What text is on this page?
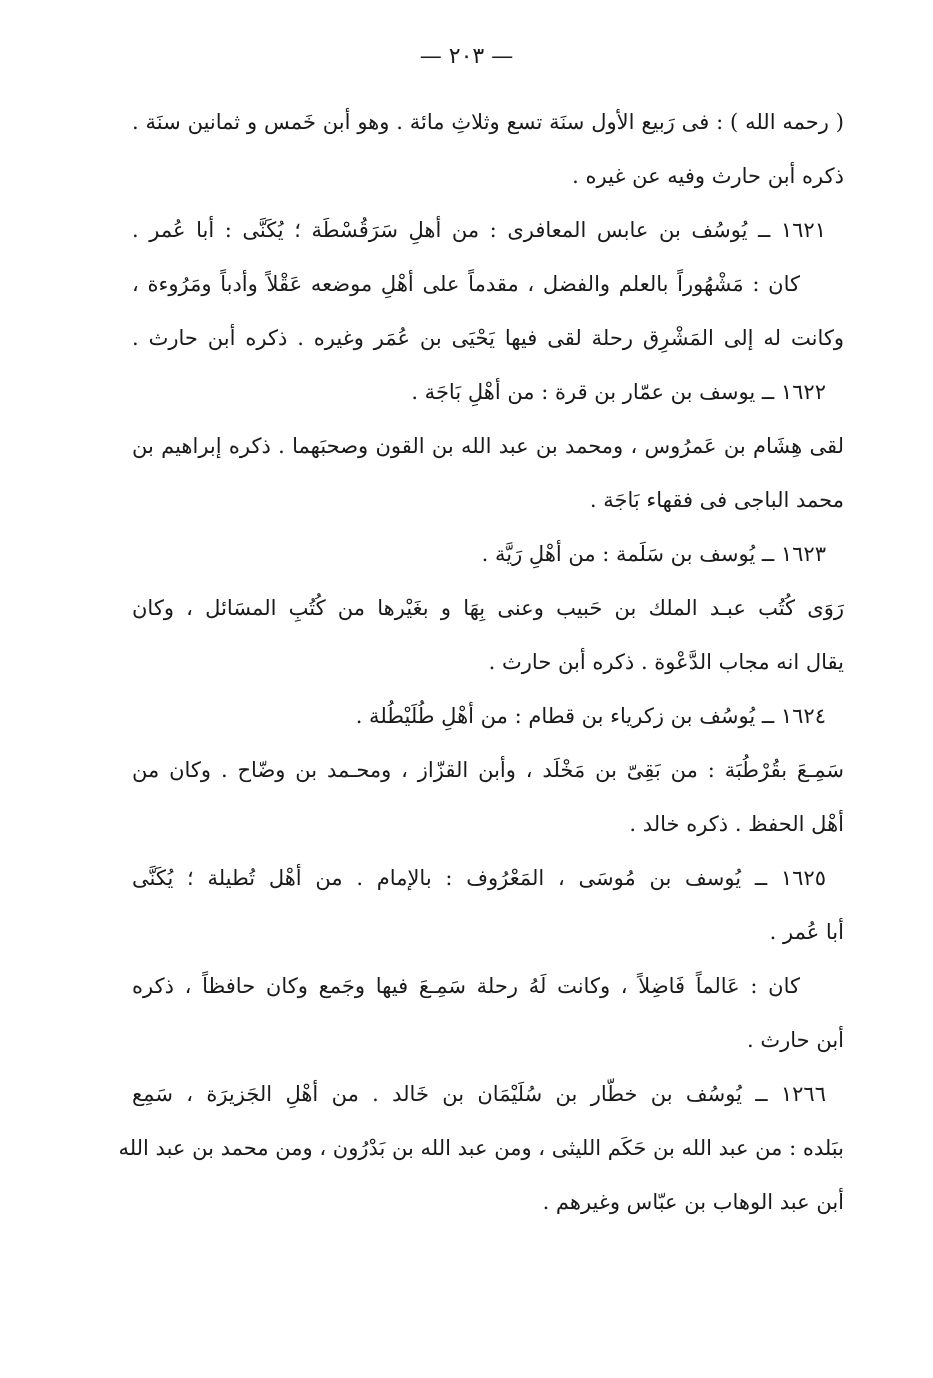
— ٢٠٣ —
( رحمه الله ) : فى رَبيع الأول سنَة تسع وثلاثِ مائة . وهو أبن خَمس و ثمانين سنَة .
ذكره أبن حارث وفيه عن غيره .
١٦٢١ ــ يُوسُف بن عابس المعافرى : من أهلِ سَرَقُسْطَة ؛ يُكَنَّى : أبا عُمر .
كان : مَشْهُوراً بالعلم والفضل ، مقدماً على أهْلِ موضعه عَقْلاً وأدباً ومَرُوءة ،
وكانت له إلى المَشْرِق رحلة لقى فيها يَحْيَى بن عُمَر وغيره . ذكره أبن حارث .
١٦٢٢ ــ يوسف بن عمّار بن قرة : من أهْلِ بَاجَة .
لقى هِشَام بن عَمرُوس ، ومحمد بن عبد الله بن القون وصحبَهما . ذكره إبراهيم بن
محمد الباجى فى فقهاء بَاجَة .
١٦٢٣ ــ يُوسف بن سَلَمة : من أهْلِ رَيَّة .
رَوَى كُتُب عبـد الملك بن حَبيب وعنى بِهَا و بغَيْرها من كُتُبِ المسَائل ، وكان
يقال انه مجاب الدَّعْوة . ذكره أبن حارث .
١٦٢٤ ــ يُوسُف بن زكرياء بن قطام : من أهْلِ طُلَيْطُلة .
سَمِـعَ بقُرْطُبَة : من بَقِىّ بن مَخْلَد ، وأبن القزّاز ، ومحـمد بن وضّاح . وكان من
أهْل الحفظ . ذكره خالد .
١٦٢٥ ــ يُوسف بن مُوسَى ، المَعْرُوف : بالإمام . من أهْل تُطيلة ؛ يُكَنَّى
أبا عُمر .
كان : عَالماً فَاضِلاً ، وكانت لَهُ رحلة سَمِـعَ فيها وجَمع وكان حافظاً ، ذكره
أبن حارث .
١٢٦٦ ــ يُوسُف بن خطّار بن سُلَيْمَان بن خَالد . من أهْلِ الجَزيرَة ، سَمِع
ببَلده : من عبد الله بن حَكَم الليثى ، ومن عبد الله بن بَدْرُون ، ومن محمد بن عبد الله
أبن عبد الوهاب بن عبّاس وغيرهم .
